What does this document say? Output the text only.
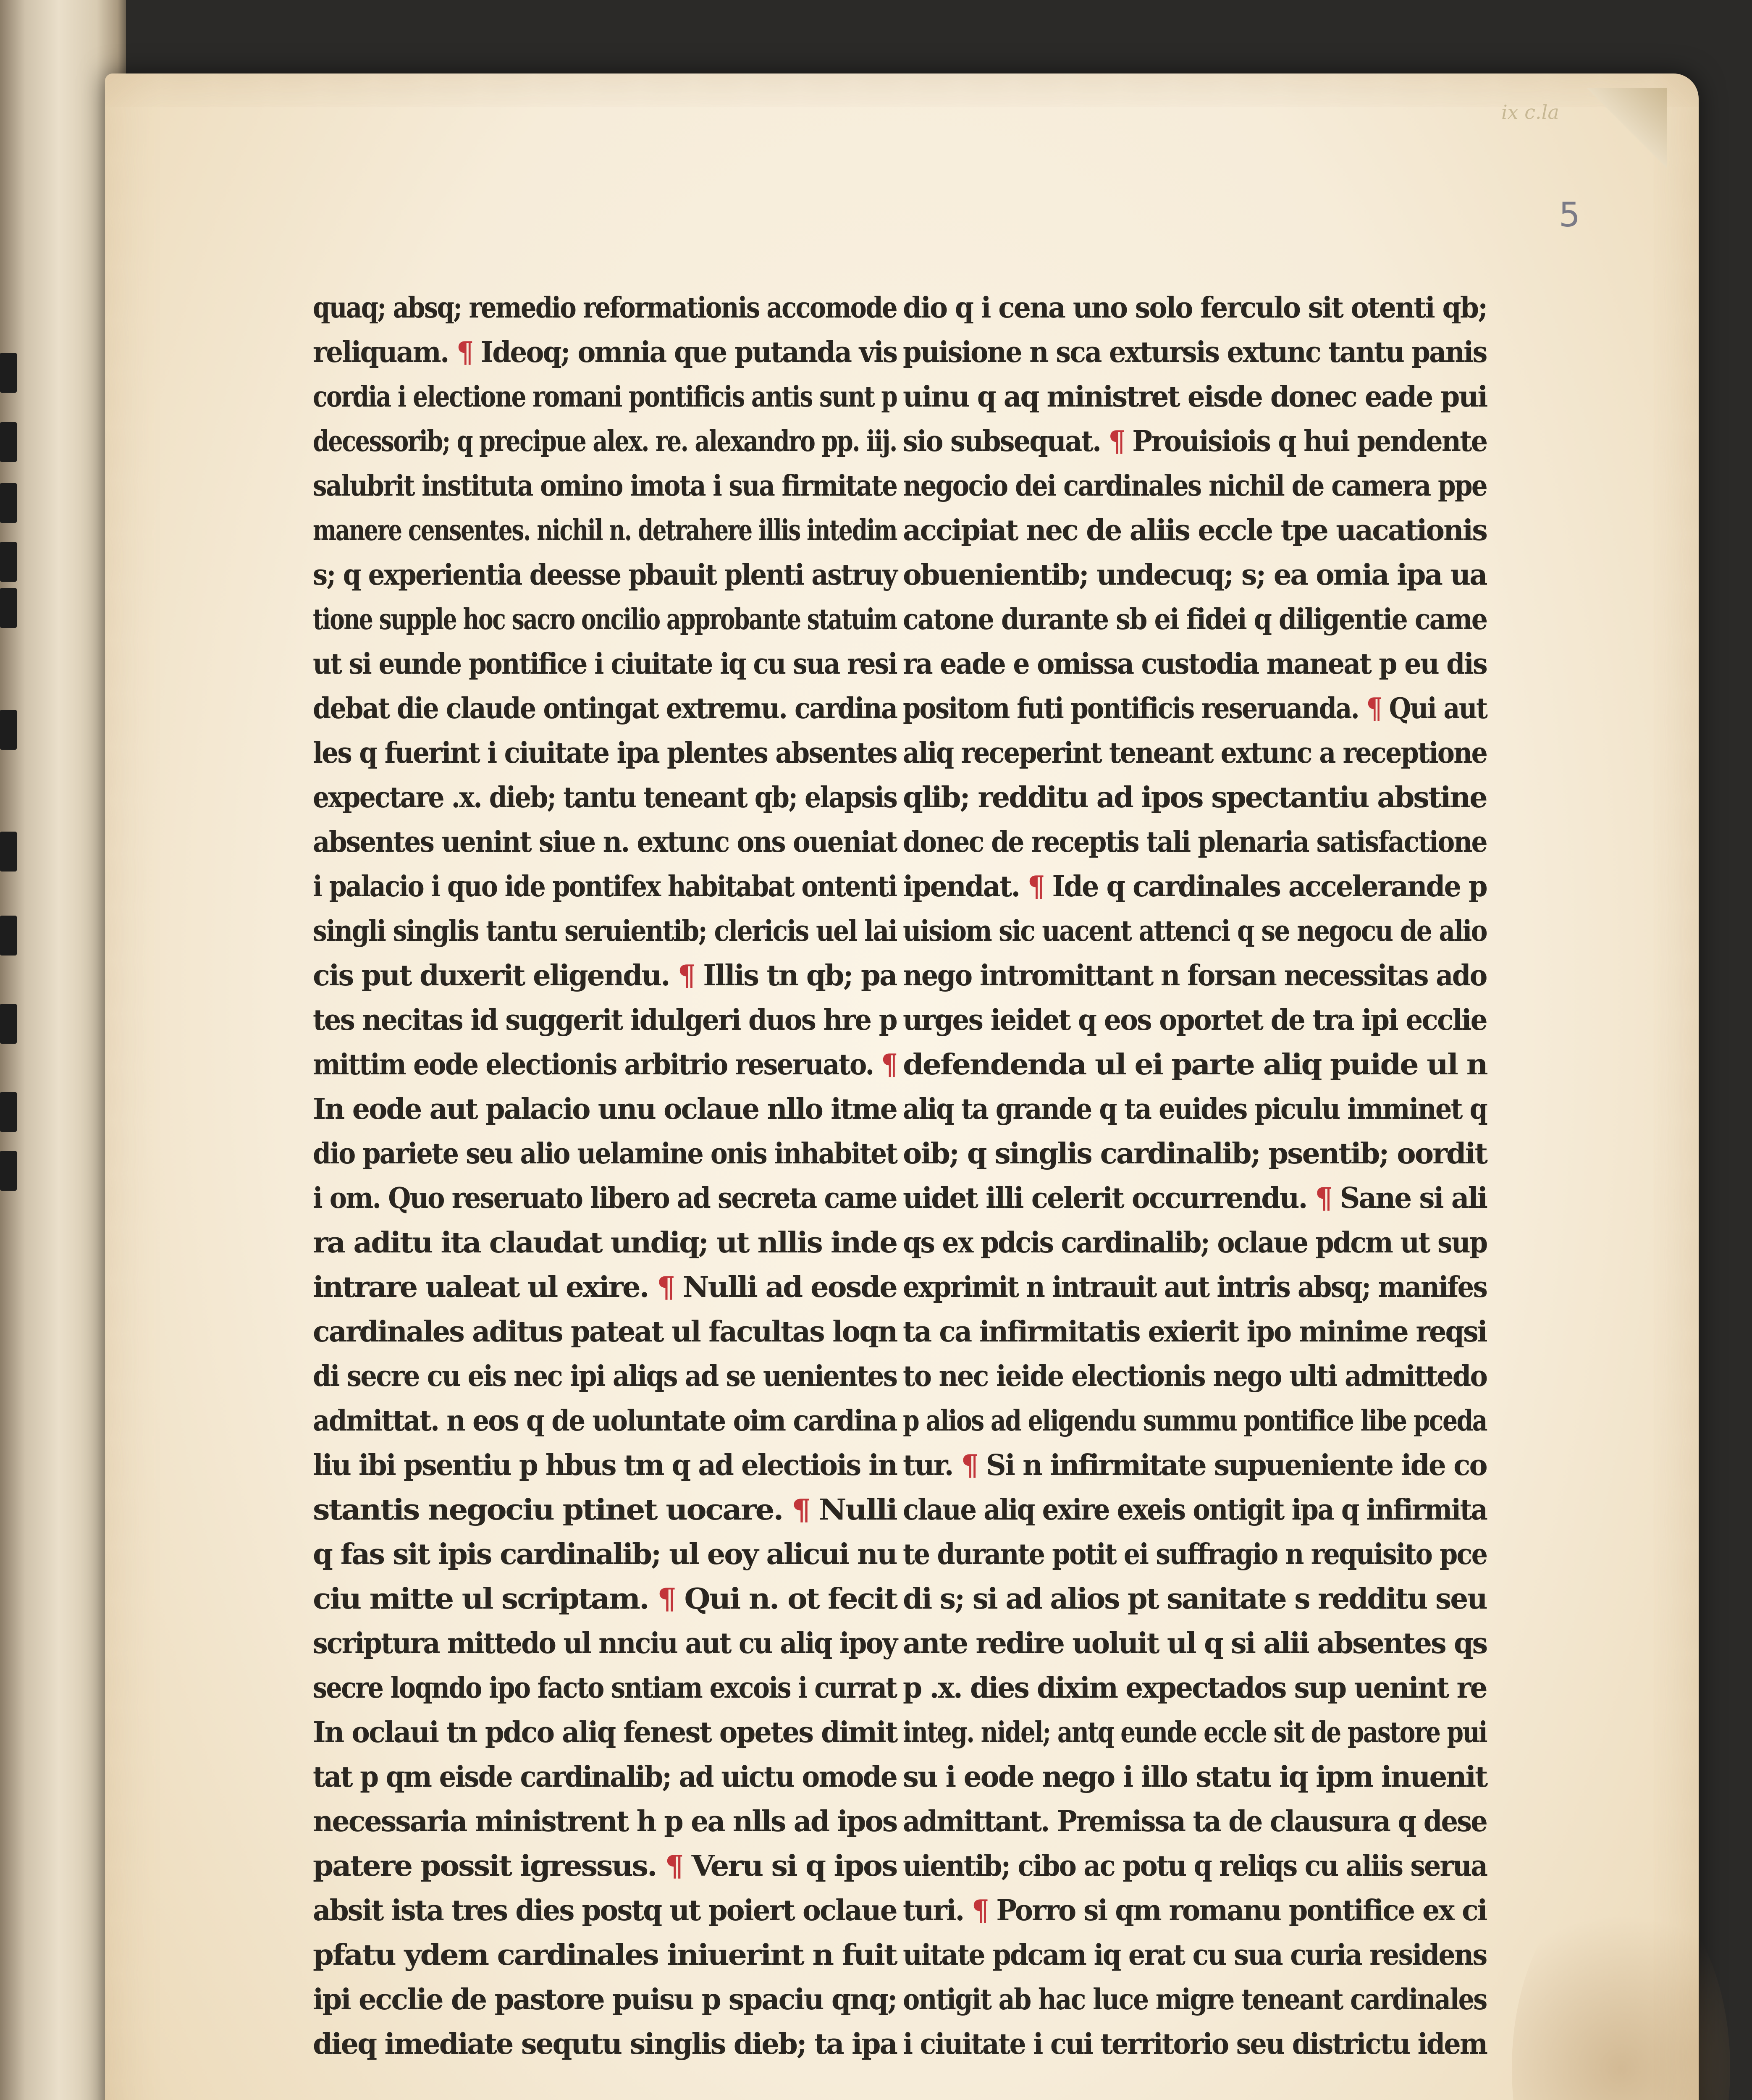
ix c.la
5
quaq; absq; remedio reformationis accomode
reliquam. ¶ Ideoq; omnia que putanda vis
cordia i electione romani pontificis antis sunt p
decessorib; q precipue alex. re. alexandro pp. iij.
salubrit instituta omino imota i sua firmitate
manere censentes. nichil n. detrahere illis intedim
s; q experientia deesse pbauit plenti astruy
tione supple hoc sacro oncilio approbante statuim
ut si eunde pontifice i ciuitate iq cu sua resi
debat die claude ontingat extremu. cardina
les q fuerint i ciuitate ipa plentes absentes
expectare .x. dieb; tantu teneant qb; elapsis
absentes uenint siue n. extunc ons oueniat
i palacio i quo ide pontifex habitabat ontenti
singli singlis tantu seruientib; clericis uel lai
cis put duxerit eligendu. ¶ Illis tn qb; pa
tes necitas id suggerit idulgeri duos hre p
mittim eode electionis arbitrio reseruato. ¶
In eode aut palacio unu oclaue nllo itme
dio pariete seu alio uelamine onis inhabitet
i om. Quo reseruato libero ad secreta came
ra aditu ita claudat undiq; ut nllis inde
intrare ualeat ul exire. ¶ Nulli ad eosde
cardinales aditus pateat ul facultas loqn
di secre cu eis nec ipi aliqs ad se uenientes
admittat. n eos q de uoluntate oim cardina
liu ibi psentiu p hbus tm q ad electiois in
stantis negociu ptinet uocare. ¶ Nulli
q fas sit ipis cardinalib; ul eoy alicui nu
ciu mitte ul scriptam. ¶ Qui n. ot fecit
scriptura mittedo ul nnciu aut cu aliq ipoy
secre loqndo ipo facto sntiam excois i currat
In oclaui tn pdco aliq fenest opetes dimit
tat p qm eisde cardinalib; ad uictu omode
necessaria ministrent h p ea nlls ad ipos
patere possit igressus. ¶ Veru si q ipos
absit ista tres dies postq ut poiert oclaue
pfatu ydem cardinales iniuerint n fuit
ipi ecclie de pastore puisu p spaciu qnq;
dieq imediate sequtu singlis dieb; ta ipa
dio q i cena uno solo ferculo sit otenti qb;
puisione n sca extursis extunc tantu panis
uinu q aq ministret eisde donec eade pui
sio subsequat. ¶ Prouisiois q hui pendente
negocio dei cardinales nichil de camera ppe
accipiat nec de aliis eccle tpe uacationis
obuenientib; undecuq; s; ea omia ipa ua
catone durante sb ei fidei q diligentie came
ra eade e omissa custodia maneat p eu dis
positom futi pontificis reseruanda. ¶ Qui aut
aliq receperint teneant extunc a receptione
qlib; redditu ad ipos spectantiu abstine
donec de receptis tali plenaria satisfactione
ipendat. ¶ Ide q cardinales accelerande p
uisiom sic uacent attenci q se negocu de alio
nego intromittant n forsan necessitas ado
urges ieidet q eos oportet de tra ipi ecclie
defendenda ul ei parte aliq puide ul n
aliq ta grande q ta euides piculu imminet q
oib; q singlis cardinalib; psentib; oordit
uidet illi celerit occurrendu. ¶ Sane si ali
qs ex pdcis cardinalib; oclaue pdcm ut sup
exprimit n intrauit aut intris absq; manifes
ta ca infirmitatis exierit ipo minime reqsi
to nec ieide electionis nego ulti admittedo
p alios ad eligendu summu pontifice libe pceda
tur. ¶ Si n infirmitate supueniente ide co
claue aliq exire exeis ontigit ipa q infirmita
te durante potit ei suffragio n requisito pce
di s; si ad alios pt sanitate s redditu seu
ante redire uoluit ul q si alii absentes qs
p .x. dies dixim expectados sup uenint re
integ. nidel; antq eunde eccle sit de pastore pui
su i eode nego i illo statu iq ipm inuenit
admittant. Premissa ta de clausura q dese
uientib; cibo ac potu q reliqs cu aliis serua
turi. ¶ Porro si qm romanu pontifice ex ci
uitate pdcam iq erat cu sua curia residens
ontigit ab hac luce migre teneant cardinales
i ciuitate i cui territorio seu districtu idem
